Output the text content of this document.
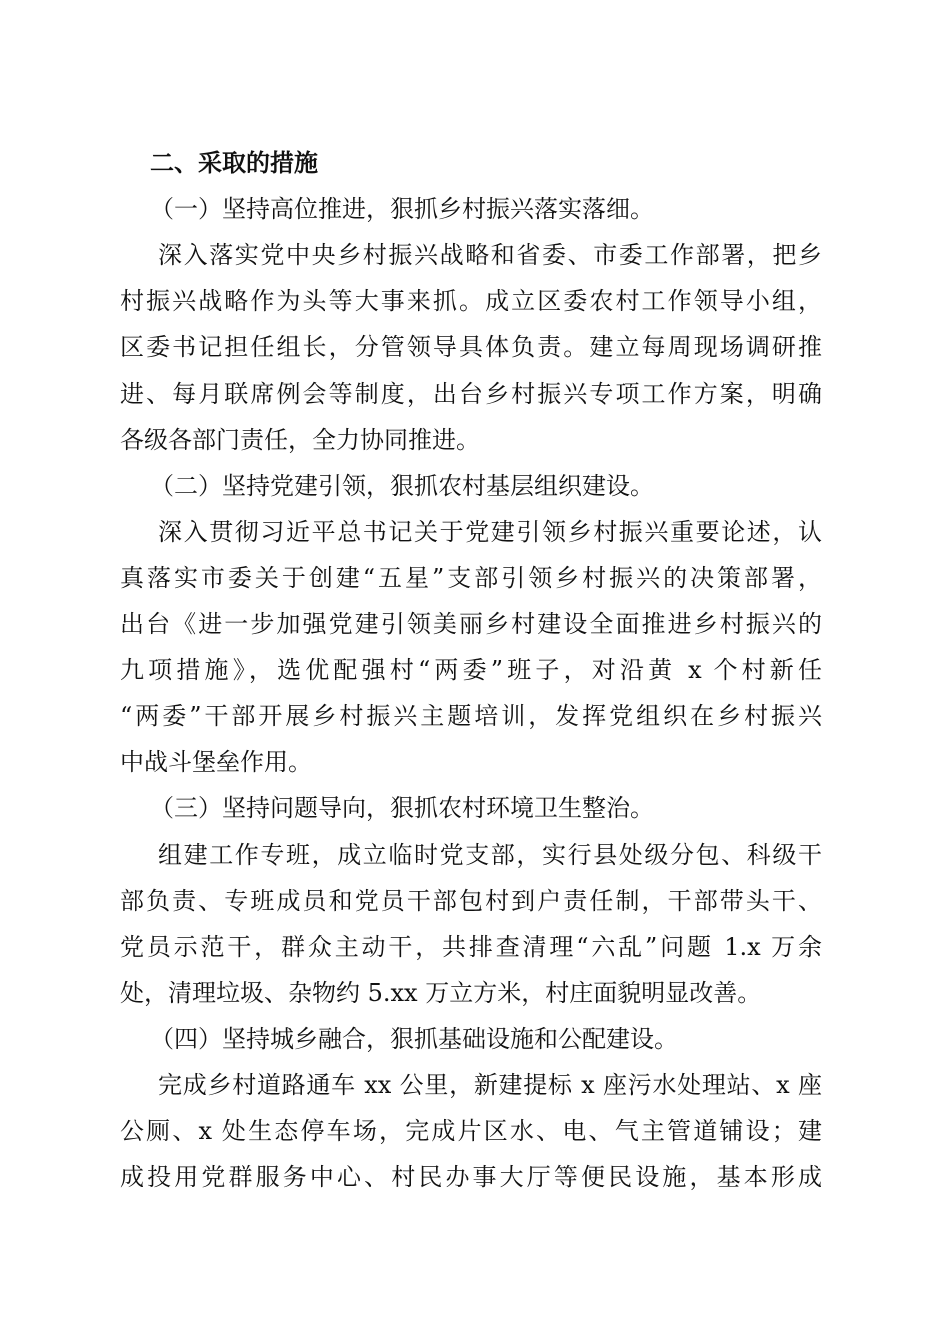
二、采取的措施
（一）坚持高位推进，狠抓乡村振兴落实落细。
深入落实党中央乡村振兴战略和省委、市委工作部署，把乡
村振兴战略作为头等大事来抓。成立区委农村工作领导小组，
区委书记担任组长，分管领导具体负责。建立每周现场调研推
进、每月联席例会等制度，出台乡村振兴专项工作方案，明确
各级各部门责任，全力协同推进。
（二）坚持党建引领，狠抓农村基层组织建设。
深入贯彻习近平总书记关于党建引领乡村振兴重要论述，认
真落实市委关于创建“五星”支部引领乡村振兴的决策部署，
出台《进一步加强党建引领美丽乡村建设全面推进乡村振兴的
九项措施》，选优配强村“两委”班子，对沿黄 x 个村新任
“两委”干部开展乡村振兴主题培训，发挥党组织在乡村振兴
中战斗堡垒作用。
（三）坚持问题导向，狠抓农村环境卫生整治。
组建工作专班，成立临时党支部，实行县处级分包、科级干
部负责、专班成员和党员干部包村到户责任制，干部带头干、
党员示范干，群众主动干，共排查清理“六乱”问题 1.x 万余
处，清理垃圾、杂物约 5.xx 万立方米，村庄面貌明显改善。
（四）坚持城乡融合，狠抓基础设施和公配建设。
完成乡村道路通车 xx 公里，新建提标 x 座污水处理站、x 座
公厕、x 处生态停车场，完成片区水、电、气主管道铺设；建
成投用党群服务中心、村民办事大厅等便民设施，基本形成
